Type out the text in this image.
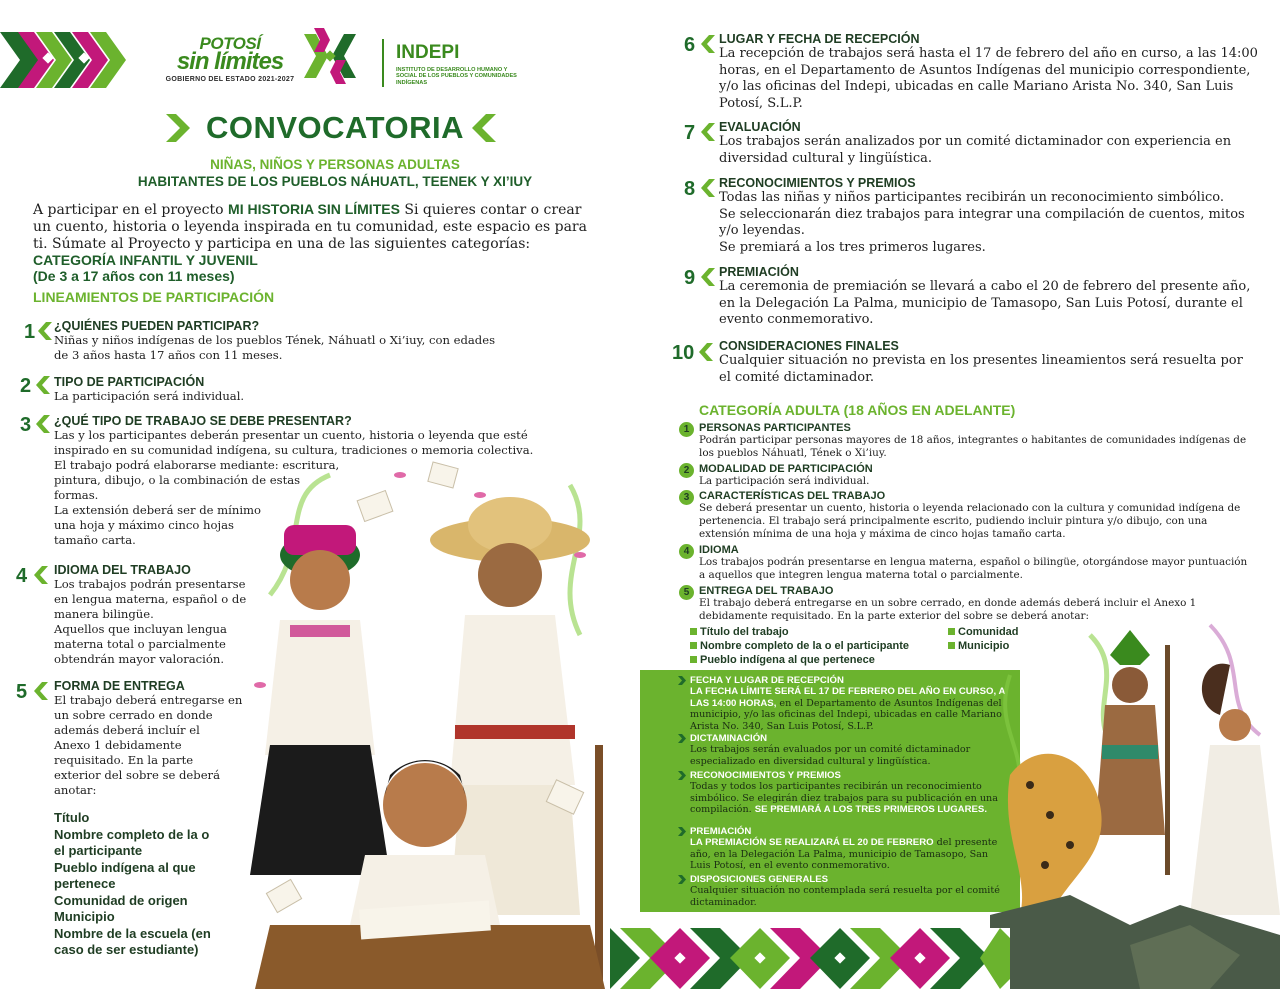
POTOSÍ
sin límites
GOBIERNO DEL ESTADO 2021-2027
INDEPI
INSTITUTO DE DESARROLLO HUMANO Y SOCIAL DE LOS PUEBLOS Y COMUNIDADES INDÍGENAS
CONVOCATORIA
NIÑAS, NIÑOS Y PERSONAS ADULTAS
HABITANTES DE LOS PUEBLOS NÁHUATL, TEENEK Y XI’IUY
A participar en el proyecto MI HISTORIA SIN LÍMITES Si quieres contar o crear un cuento, historia o leyenda inspirada en tu comunidad, este espacio es para ti. Súmate al Proyecto y participa en una de las siguientes categorías:
CATEGORÍA INFANTIL Y JUVENIL
(De 3 a 17 años con 11 meses)
LINEAMIENTOS DE PARTICIPACIÓN
1 ¿QUIÉNES PUEDEN PARTICIPAR?

Niñas y niños indígenas de los pueblos Tének, Náhuatl o Xi’iuy, con edades

de 3 años hasta 17 años con 11 meses.

2 TIPO DE PARTICIPACIÓN

La participación será individual.

3 ¿QUÉ TIPO DE TRABAJO SE DEBE PRESENTAR?

Las y los participantes deberán presentar un cuento, historia o leyenda que esté

inspirado en su comunidad indígena, su cultura, tradiciones o memoria colectiva.

El trabajo podrá elaborarse mediante: escritura,

pintura, dibujo, o la combinación de estas

formas.

La extensión deberá ser de mínimo

una hoja y máximo cinco hojas

tamaño carta.

4 IDIOMA DEL TRABAJO

Los trabajos podrán presentarse

en lengua materna, español o de

manera bilingüe.

Aquellos que incluyan lengua

materna total o parcialmente

obtendrán mayor valoración.

5 FORMA DE ENTREGA

El trabajo deberá entregarse en

un sobre cerrado en donde

además deberá incluír el

Anexo 1 debidamente

requisitado. En la parte

exterior del sobre se deberá

anotar:

Título
Nombre completo de la o
el participante
Pueblo indígena al que
pertenece
Comunidad de origen
Municipio
Nombre de la escuela (en
caso de ser estudiante)
6 LUGAR Y FECHA DE RECEPCIÓN

La recepción de trabajos será hasta el 17 de febrero del año en curso, a las 14:00

horas, en el Departamento de Asuntos Indígenas del municipio correspondiente,

y/o las oficinas del Indepi, ubicadas en calle Mariano Arista No. 340, San Luis

Potosí, S.L.P.

7 EVALUACIÓN

Los trabajos serán analizados por un comité dictaminador con experiencia en

diversidad cultural y lingüística.

8 RECONOCIMIENTOS Y PREMIOS

Todas las niñas y niños participantes recibirán un reconocimiento simbólico.

Se seleccionarán diez trabajos para integrar una compilación de cuentos, mitos

y/o leyendas.

Se premiará a los tres primeros lugares.

9 PREMIACIÓN

La ceremonia de premiación se llevará a cabo el 20 de febrero del presente año,

en la Delegación La Palma, municipio de Tamasopo, San Luis Potosí, durante el

evento conmemorativo.

10 CONSIDERACIONES FINALES

Cualquier situación no prevista en los presentes lineamientos será resuelta por

el comité dictaminador.

CATEGORÍA ADULTA (18 AÑOS EN ADELANTE)
1 PERSONAS PARTICIPANTES

Podrán participar personas mayores de 18 años, integrantes o habitantes de comunidades indígenas de

los pueblos Náhuatl, Tének o Xi’iuy.

2 MODALIDAD DE PARTICIPACIÓN

La participación será individual.

3 CARACTERÍSTICAS DEL TRABAJO

Se deberá presentar un cuento, historia o leyenda relacionado con la cultura y comunidad indígena de

pertenencia. El trabajo será principalmente escrito, pudiendo incluir pintura y/o dibujo, con una

extensión mínima de una hoja y máxima de cinco hojas tamaño carta.

4 IDIOMA

Los trabajos podrán presentarse en lengua materna, español o bilingüe, otorgándose mayor puntuación

a aquellos que integren lengua materna total o parcialmente.

5 ENTREGA DEL TRABAJO

El trabajo deberá entregarse en un sobre cerrado, en donde además deberá incluir el Anexo 1

debidamente requisitado. En la parte exterior del sobre se deberá anotar:

Título del trabajo
Nombre completo de la o el participante
Pueblo indígena al que pertenece
Comunidad
Municipio
FECHA Y LUGAR DE RECEPCIÓN
LA FECHA LÍMITE SERÁ EL 17 DE FEBRERO DEL AÑO EN CURSO, A LAS 14:00 HORAS, en el Departamento de Asuntos Indígenas del municipio, y/o las oficinas del Indepi, ubicadas en calle Mariano Arista No. 340, San Luis Potosí, S.L.P.
DICTAMINACIÓN
Los trabajos serán evaluados por un comité dictaminador especializado en diversidad cultural y lingüística.
RECONOCIMIENTOS Y PREMIOS
Todas y todos los participantes recibirán un reconocimiento simbólico. Se elegirán diez trabajos para su publicación en una compilación. SE PREMIARÁ A LOS TRES PRIMEROS LUGARES.
PREMIACIÓN
LA PREMIACIÓN SE REALIZARÁ EL 20 DE FEBRERO del presente año, en la Delegación La Palma, municipio de Tamasopo, San Luis Potosí, en el evento conmemorativo.
DISPOSICIONES GENERALES
Cualquier situación no contemplada será resuelta por el comité dictaminador.
